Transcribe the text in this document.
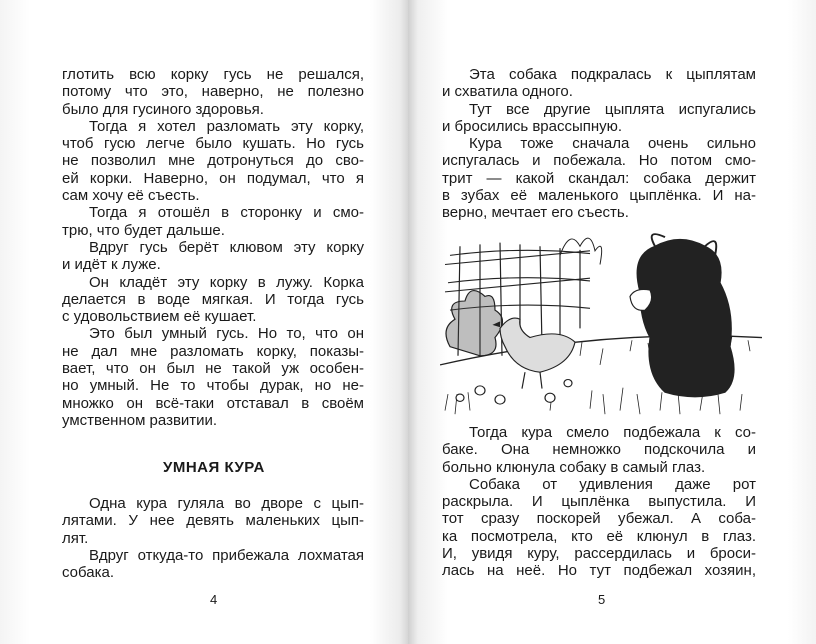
глотить всю корку гусь не решался,
потому что это, наверно, не полезно
было для гусиного здоровья.
Тогда я хотел разломать эту корку,
чтоб гусю легче было кушать. Но гусь
не позволил мне дотронуться до сво-
ей корки. Наверно, он подумал, что я
сам хочу её съесть.
Тогда я отошёл в сторонку и смо-
трю, что будет дальше.
Вдруг гусь берёт клювом эту корку
и идёт к луже.
Он кладёт эту корку в лужу. Корка
делается в воде мягкая. И тогда гусь
с удовольствием её кушает.
Это был умный гусь. Но то, что он
не дал мне разломать корку, показы-
вает, что он был не такой уж особен-
но умный. Не то чтобы дурак, но не-
множко он всё-таки отставал в своём
умственном развитии.
УМНАЯ КУРА
Одна кура гуляла во дворе с цып-
лятами. У нее девять маленьких цып-
лят.
Вдруг откуда-то прибежала лохматая
собака.
4
Эта собака подкралась к цыплятам
и схватила одного.
Тут все другие цыплята испугались
и бросились врассыпную.
Кура тоже сначала очень сильно
испугалась и побежала. Но потом смо-
трит — какой скандал: собака держит
в зубах её маленького цыплёнка. И на-
верно, мечтает его съесть.
Тогда кура смело подбежала к со-
баке. Она немножко подскочила и
больно клюнула собаку в самый глаз.
Собака от удивления даже рот
раскрыла. И цыплёнка выпустила. И
тот сразу поскорей убежал. А соба-
ка посмотрела, кто её клюнул в глаз.
И, увидя куру, рассердилась и броси-
лась на неё. Но тут подбежал хозяин,
5
